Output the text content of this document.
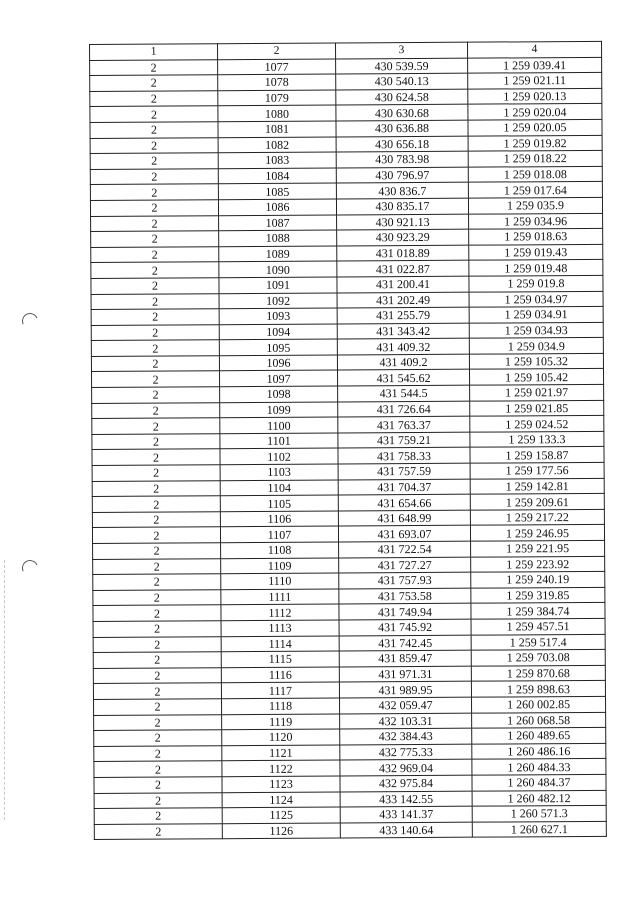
1	2	3	4
2	1077	430 539.59	1 259 039.41
2	1078	430 540.13	1 259 021.11
2	1079	430 624.58	1 259 020.13
2	1080	430 630.68	1 259 020.04
2	1081	430 636.88	1 259 020.05
2	1082	430 656.18	1 259 019.82
2	1083	430 783.98	1 259 018.22
2	1084	430 796.97	1 259 018.08
2	1085	430 836.7	1 259 017.64
2	1086	430 835.17	1 259 035.9
2	1087	430 921.13	1 259 034.96
2	1088	430 923.29	1 259 018.63
2	1089	431 018.89	1 259 019.43
2	1090	431 022.87	1 259 019.48
2	1091	431 200.41	1 259 019.8
2	1092	431 202.49	1 259 034.97
2	1093	431 255.79	1 259 034.91
2	1094	431 343.42	1 259 034.93
2	1095	431 409.32	1 259 034.9
2	1096	431 409.2	1 259 105.32
2	1097	431 545.62	1 259 105.42
2	1098	431 544.5	1 259 021.97
2	1099	431 726.64	1 259 021.85
2	1100	431 763.37	1 259 024.52
2	1101	431 759.21	1 259 133.3
2	1102	431 758.33	1 259 158.87
2	1103	431 757.59	1 259 177.56
2	1104	431 704.37	1 259 142.81
2	1105	431 654.66	1 259 209.61
2	1106	431 648.99	1 259 217.22
2	1107	431 693.07	1 259 246.95
2	1108	431 722.54	1 259 221.95
2	1109	431 727.27	1 259 223.92
2	1110	431 757.93	1 259 240.19
2	1111	431 753.58	1 259 319.85
2	1112	431 749.94	1 259 384.74
2	1113	431 745.92	1 259 457.51
2	1114	431 742.45	1 259 517.4
2	1115	431 859.47	1 259 703.08
2	1116	431 971.31	1 259 870.68
2	1117	431 989.95	1 259 898.63
2	1118	432 059.47	1 260 002.85
2	1119	432 103.31	1 260 068.58
2	1120	432 384.43	1 260 489.65
2	1121	432 775.33	1 260 486.16
2	1122	432 969.04	1 260 484.33
2	1123	432 975.84	1 260 484.37
2	1124	433 142.55	1 260 482.12
2	1125	433 141.37	1 260 571.3
2	1126	433 140.64	1 260 627.1
